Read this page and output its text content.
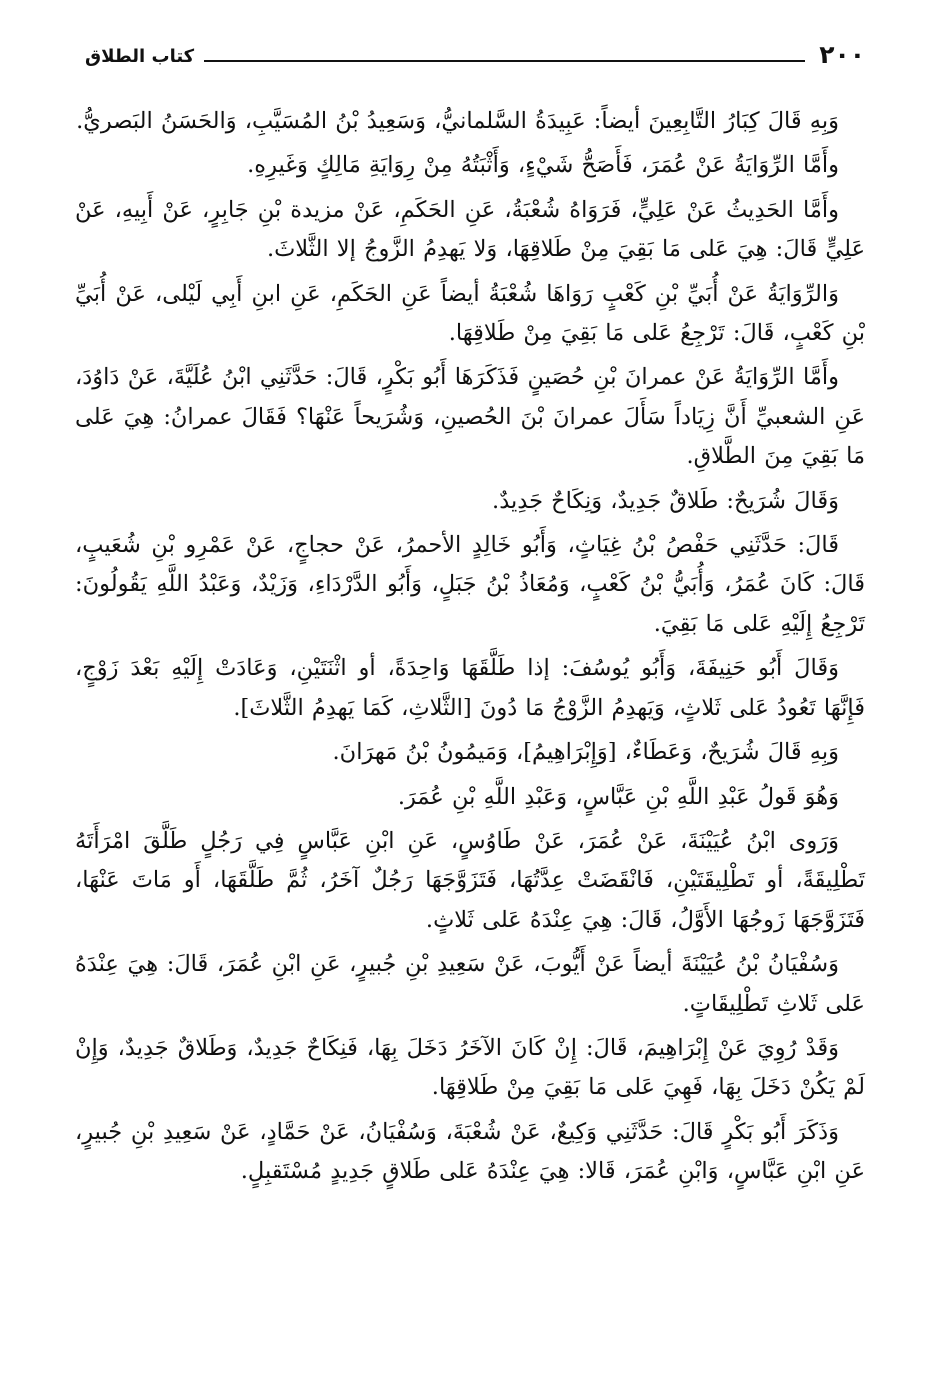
٢٠٠
كتاب الطلاق

وَبِهِ قَالَ كِبَارُ التَّابِعِينَ أيضاً: عَبِيدَةُ السَّلمانيُّ، وَسَعِيدُ بْنُ المُسَيَّبِ، وَالحَسَنُ البَصريُّ.

وأَمَّا الرِّوَايَةُ عَنْ عُمَرَ، فَأَصَحُّ شَيْءٍ، وَأَثْبَتُهُ مِنْ رِوَايَةِ مَالِكٍ وَغَيرِهِ.

وأَمَّا الحَدِيثُ عَنْ عَلِيٍّ، فَرَوَاهُ شُعْبَةُ، عَنِ الحَكَمِ، عَنْ مزيدة بْنِ جَابِرٍ، عَنْ أَبِيهِ، عَنْ عَلِيٍّ قَالَ: هِيَ عَلى مَا بَقِيَ مِنْ طَلاقِهَا، وَلا يَهدِمُ الزَّوجُ إلا الثَّلاثَ.

وَالرِّوَايَةُ عَنْ أُبَيِّ بْنِ كَعْبٍ رَوَاهَا شُعْبَةُ أيضاً عَنِ الحَكَمِ، عَنِ ابنِ أَبِي لَيْلى، عَنْ أُبَيِّ بْنِ كَعْبٍ، قَالَ: تَرْجِعُ عَلى مَا بَقِيَ مِنْ طَلاقِهَا.

وأَمَّا الرِّوَايَةُ عَنْ عمرانَ بْنِ حُصَينٍ فَذَكَرَهَا أَبُو بَكْرٍ، قَالَ: حَدَّثَنِي ابْنُ عُلَيَّةَ، عَنْ دَاوُدَ، عَنِ الشعبيِّ أَنَّ زِيَاداً سَأَلَ عمرانَ بْنَ الحُصينِ، وَشُرَيحاً عَنْهَا؟ فَقَالَ عمرانُ: هِيَ عَلى مَا بَقِيَ مِنَ الطَّلاقِ.

وَقَالَ شُرَيحٌ: طَلاقٌ جَدِيدٌ، وَنِكَاحٌ جَدِيدٌ.

قَالَ: حَدَّثَنِي حَفْصُ بْنُ غِيَاثٍ، وَأَبُو خَالِدٍ الأحمرُ، عَنْ حجاجٍ، عَنْ عَمْرِو بْنِ شُعَيبٍ، قَالَ: كَانَ عُمَرُ، وَأُبَيُّ بْنُ كَعْبٍ، وَمُعَاذُ بْنُ جَبَلٍ، وَأَبُو الدَّرْدَاءِ، وَزَيْدٌ، وَعَبْدُ اللَّهِ يَقُولُونَ: تَرْجِعُ إِلَيْهِ عَلى مَا بَقِيَ.

وَقَالَ أَبُو حَنِيفَةَ، وَأَبُو يُوسُفَ: إذا طَلَّقَهَا وَاحِدَةً، أو اثْنَتَيْنِ، وَعَادَتْ إِلَيْهِ بَعْدَ زَوْجٍ، فَإِنَّهَا تَعُودُ عَلى ثَلاثٍ، وَيَهدِمُ الزَّوْجُ مَا دُونَ [الثَّلاثِ، كَمَا يَهدِمُ الثَّلاثَ].

وَبِهِ قَالَ شُرَيحٌ، وَعَطَاءٌ، [وَإِبْرَاهِيمُ]، وَمَيمُونُ بْنُ مَهرَانَ.

وَهُوَ قَولُ عَبْدِ اللَّهِ بْنِ عَبَّاسٍ، وَعَبْدِ اللَّهِ بْنِ عُمَرَ.

وَرَوى ابْنُ عُيَيْنَةَ، عَنْ عُمَرَ، عَنْ طَاوُسٍ، عَنِ ابْنِ عَبَّاسٍ فِي رَجُلٍ طَلَّقَ امْرَأَتَهُ تَطْلِيقَةً، أو تَطْلِيقَتَيْنِ، فَانْقَضَتْ عِدَّتُهَا، فَتَزَوَّجَهَا رَجُلٌ آخَرُ، ثُمَّ طَلَّقَهَا، أَو مَاتَ عَنْهَا، فَتَزَوَّجَهَا زَوجُهَا الأَوَّلُ، قَالَ: هِيَ عِنْدَهُ عَلى ثَلاثٍ.

وَسُفْيَانُ بْنُ عُيَيْنَةَ أيضاً عَنْ أَيُّوبَ، عَنْ سَعِيدِ بْنِ جُبيرٍ، عَنِ ابْنِ عُمَرَ، قَالَ: هِيَ عِنْدَهُ عَلى ثَلاثِ تَطْلِيقَاتٍ.

وَقَدْ رُوِيَ عَنْ إِبْرَاهِيمَ، قَالَ: إِنْ كَانَ الآخَرُ دَخَلَ بِهَا، فَنِكَاحٌ جَدِيدٌ، وَطَلاقٌ جَدِيدٌ، وَإِنْ لَمْ يَكُنْ دَخَلَ بِهَا، فَهِيَ عَلى مَا بَقِيَ مِنْ طَلاقِهَا.

وَذَكَرَ أَبُو بَكْرٍ قَالَ: حَدَّثَنِي وَكِيعٌ، عَنْ شُعْبَةَ، وَسُفْيَانُ، عَنْ حَمَّادٍ، عَنْ سَعِيدِ بْنِ جُبيرٍ، عَنِ ابْنِ عَبَّاسٍ، وَابْنِ عُمَرَ، قَالا: هِيَ عِنْدَهُ عَلى طَلاقٍ جَدِيدٍ مُسْتَقبِلٍ.
